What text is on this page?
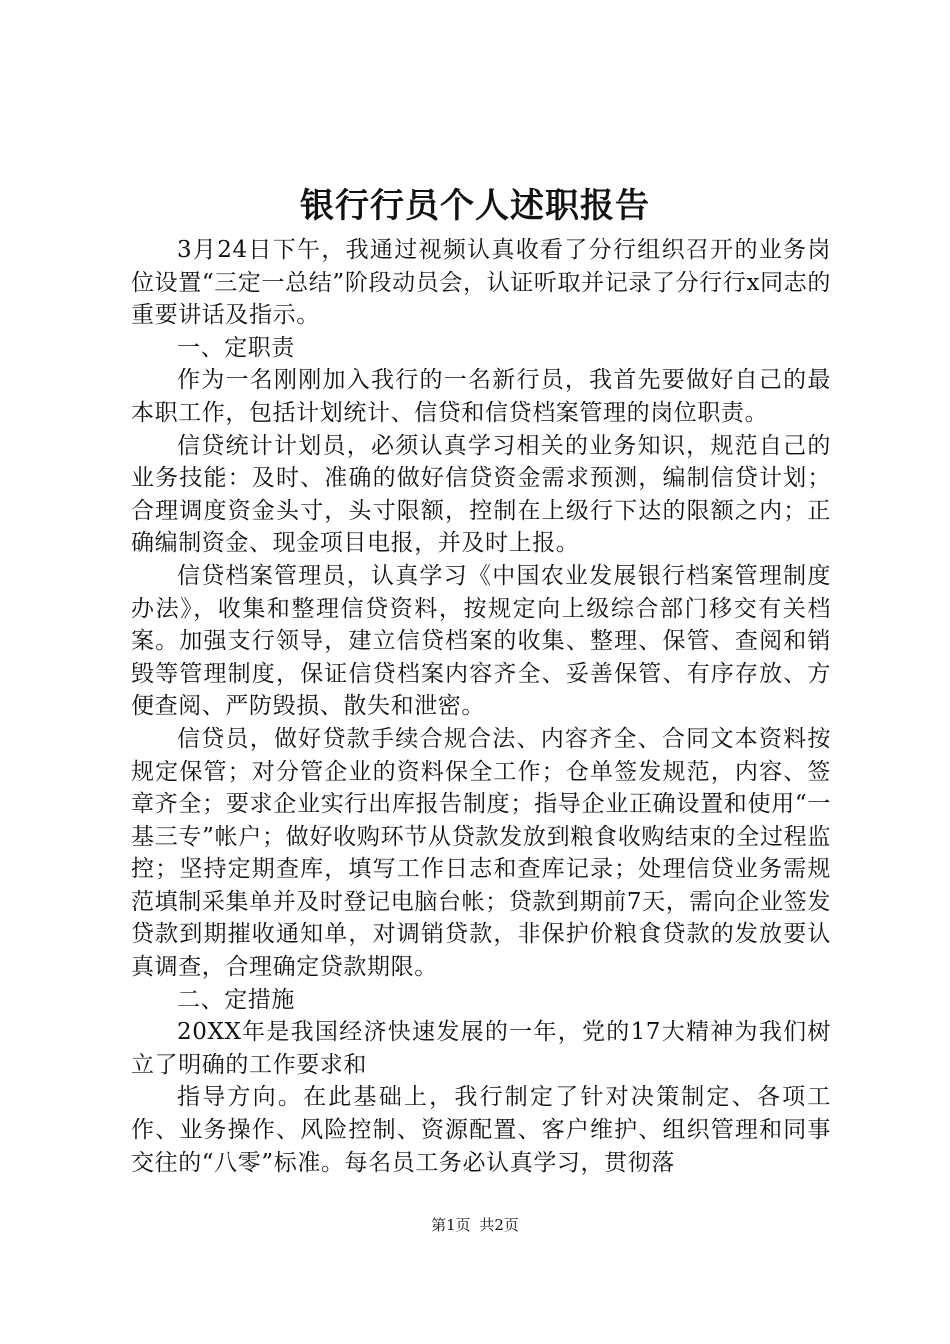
银行行员个人述职报告

3月24日下午，我通过视频认真收看了分行组织召开的业务岗位设置“三定一总结”阶段动员会，认证听取并记录了分行行x同志的重要讲话及指示。

一、定职责

作为一名刚刚加入我行的一名新行员，我首先要做好自己的最本职工作，包括计划统计、信贷和信贷档案管理的岗位职责。

信贷统计计划员，必须认真学习相关的业务知识，规范自己的业务技能：及时、准确的做好信贷资金需求预测，编制信贷计划；合理调度资金头寸，头寸限额，控制在上级行下达的限额之内；正确编制资金、现金项目电报，并及时上报。

信贷档案管理员，认真学习《中国农业发展银行档案管理制度办法》，收集和整理信贷资料，按规定向上级综合部门移交有关档案。加强支行领导，建立信贷档案的收集、整理、保管、查阅和销毁等管理制度，保证信贷档案内容齐全、妥善保管、有序存放、方便查阅、严防毁损、散失和泄密。

信贷员，做好贷款手续合规合法、内容齐全、合同文本资料按规定保管；对分管企业的资料保全工作；仓单签发规范，内容、签章齐全；要求企业实行出库报告制度；指导企业正确设置和使用“一基三专”帐户；做好收购环节从贷款发放到粮食收购结束的全过程监控；坚持定期查库，填写工作日志和查库记录；处理信贷业务需规范填制采集单并及时登记电脑台帐；贷款到期前7天，需向企业签发贷款到期摧收通知单，对调销贷款，非保护价粮食贷款的发放要认真调查，合理确定贷款期限。

二、定措施

20XX年是我国经济快速发展的一年，党的17大精神为我们树立了明确的工作要求和

指导方向。在此基础上，我行制定了针对决策制定、各项工作、业务操作、风险控制、资源配置、客户维护、组织管理和同事交往的“八零”标准。每名员工务必认真学习，贯彻落

第1页 共2页
